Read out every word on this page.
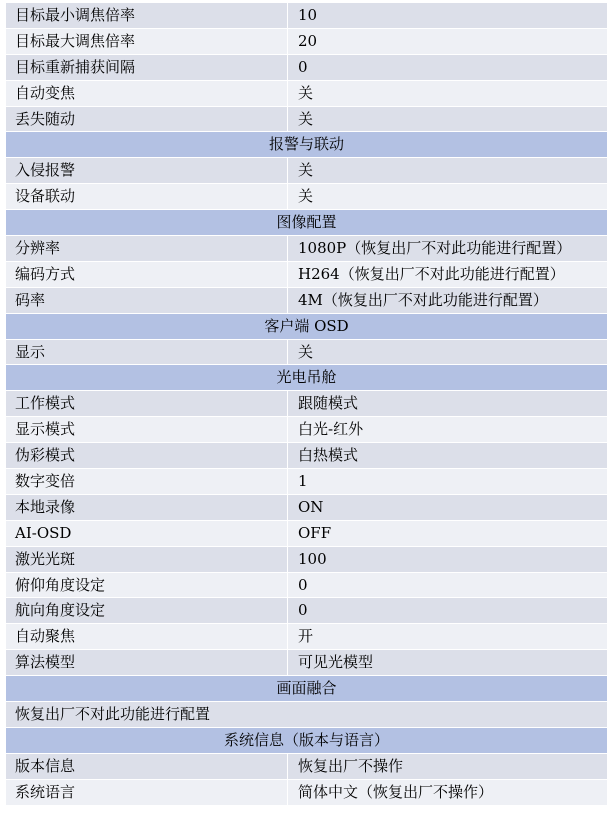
目标最小调焦倍率	10
目标最大调焦倍率	20
目标重新捕获间隔	0
自动变焦	关
丢失随动	关
报警与联动	
入侵报警	关
设备联动	关
图像配置	
分辨率	1080P（恢复出厂不对此功能进行配置）
编码方式	H264（恢复出厂不对此功能进行配置）
码率	4M（恢复出厂不对此功能进行配置）
客户端 OSD	
显示	关
光电吊舱	
工作模式	跟随模式
显示模式	白光-红外
伪彩模式	白热模式
数字变倍	1
本地录像	ON
AI-OSD	OFF
激光光斑	100
俯仰角度设定	0
航向角度设定	0
自动聚焦	开
算法模型	可见光模型
画面融合	
恢复出厂不对此功能进行配置	
系统信息（版本与语言）	
版本信息	恢复出厂不操作
系统语言	简体中文（恢复出厂不操作）
